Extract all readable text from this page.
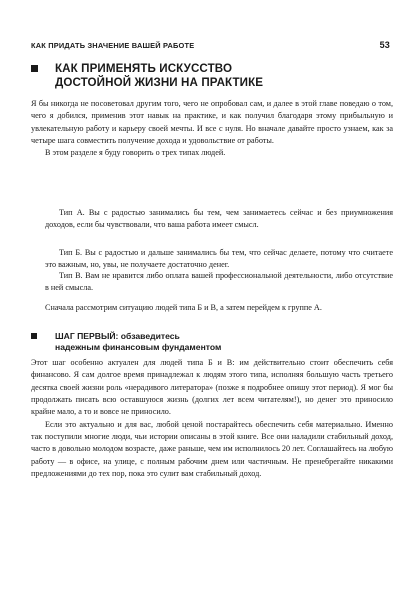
КАК ПРИДАТЬ ЗНАЧЕНИЕ ВАШЕЙ РАБОТЕ	53
КАК ПРИМЕНЯТЬ ИСКУССТВО
ДОСТОЙНОЙ ЖИЗНИ НА ПРАКТИКЕ

Я бы никогда не посоветовал другим того, чего не опробовал сам, и далее в этой главе поведаю о том, чего я добился, применив этот навык на практике, и как получил благодаря этому прибыльную и увлекательную работу и карьеру своей мечты. И все с нуля. Но вначале давайте просто узнаем, как за четыре шага совместить получение дохода и удовольствие от работы.

В этом разделе я буду говорить о трех типах людей.

Тип А. Вы с радостью занимались бы тем, чем занимаетесь сейчас и без приумножения доходов, если бы чувствовали, что ваша работа имеет смысл.

Тип Б. Вы с радостью и дальше занимались бы тем, что сейчас делаете, потому что считаете это важным, но, увы, не получаете достаточно денег.

Тип В. Вам не нравится либо оплата вашей профессиональной деятельности, либо отсутствие в ней смысла.

Сначала рассмотрим ситуацию людей типа Б и В, а затем перейдем к группе А.

ШАГ ПЕРВЫЙ: обзаведитесь
надежным финансовым фундаментом

Этот шаг особенно актуален для людей типа Б и В: им действительно стоит обеспечить себя финансово. Я сам долгое время принадлежал к людям этого типа, исполняя большую часть третьего десятка своей жизни роль «нерадивого литератора» (позже я подробнее опишу этот период). Я мог бы продолжать писать всю оставшуюся жизнь (долгих лет всем читателям!), но денег это приносило крайне мало, а то и вовсе не приносило.

Если это актуально и для вас, любой ценой постарайтесь обеспечить себя материально. Именно так поступили многие люди, чьи истории описаны в этой книге. Все они наладили стабильный доход, часто в довольно молодом возрасте, даже раньше, чем им исполнилось 20 лет. Соглашайтесь на любую работу — в офисе, на улице, с полным рабочим днем или частичным. Не пренебрегайте никакими предложениями до тех пор, пока это сулит вам стабильный доход.
